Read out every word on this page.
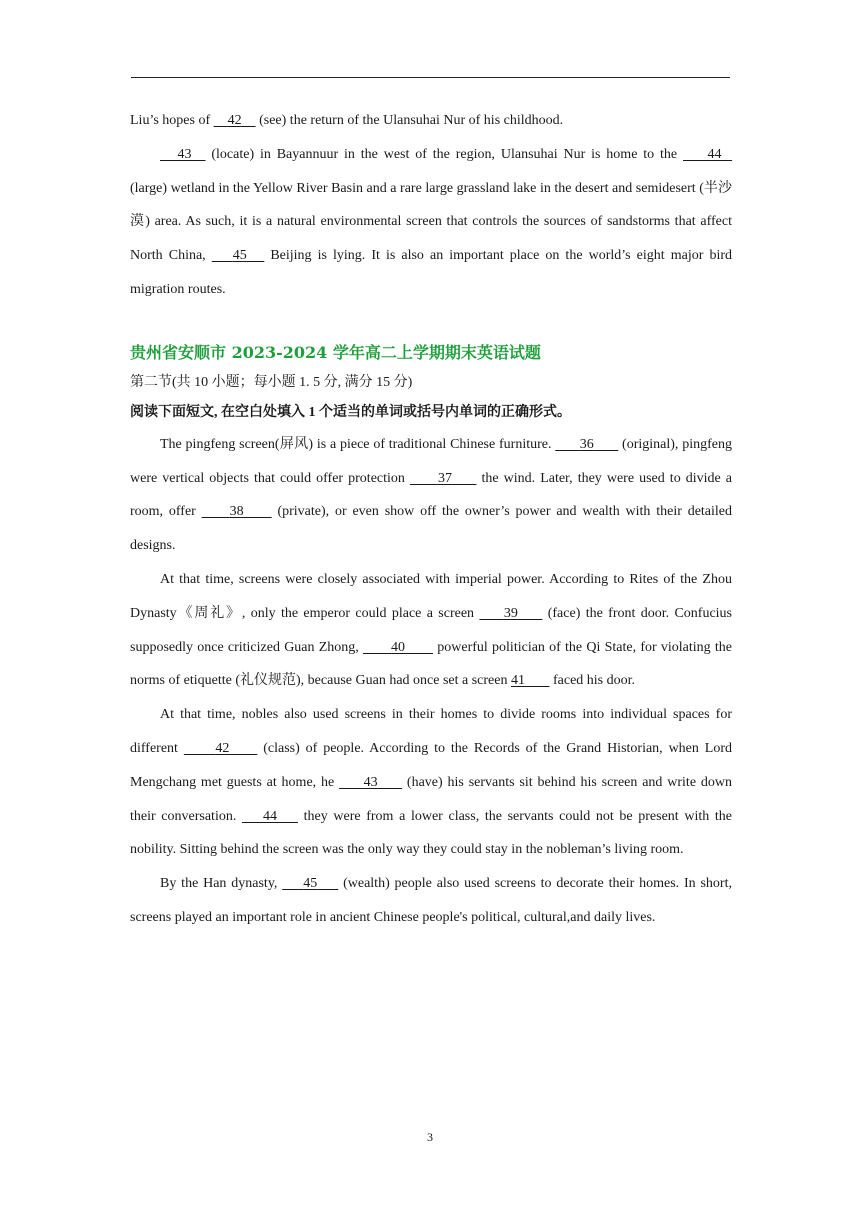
Liu’s hopes of     42     (see) the return of the Ulansuhai Nur of his childhood.

43     (locate) in Bayannuur in the west of the region, Ulansuhai Nur is home to the        44    (large) wetland in the Yellow River Basin and a rare large grassland lake in the desert and semidesert (半沙漠) area. As such, it is a natural environmental screen that controls the sources of sandstorms that affect North China,       45      Beijing is lying. It is also an important place on the world’s eight major bird migration routes.

贵州省安顺市 2023-2024 学年高二上学期期末英语试题
第二节(共 10 小题；每小题 1. 5 分, 满分 15 分)
阅读下面短文, 在空白处填入 1 个适当的单词或括号内单词的正确形式。

The pingfeng screen(屏风) is a piece of traditional Chinese furniture.        36        (original), pingfeng were vertical objects that could offer protection         37        the wind. Later, they were used to divide a room, offer         38         (private), or even show off the owner’s power and wealth with their detailed designs.

At that time, screens were closely associated with imperial power. According to Rites of the Zhou Dynasty《周礼》, only the emperor could place a screen        39        (face) the front door. Confucius supposedly once criticized Guan Zhong,         40         powerful politician of the Qi State, for violating the norms of etiquette (礼仪规范), because Guan had once set a screen 41        faced his door.

At that time, nobles also used screens in their homes to divide rooms into individual spaces for different          42         (class) of people. According to the Records of the Grand Historian, when Lord Mengchang met guests at home, he        43        (have) his servants sit behind his screen and write down their conversation.       44       they were from a lower class, the servants could not be present with the nobility. Sitting behind the screen was the only way they could stay in the nobleman’s living room.

By the Han dynasty,       45       (wealth) people also used screens to decorate their homes. In short, screens played an important role in ancient Chinese people's political, cultural,and daily lives.

3
